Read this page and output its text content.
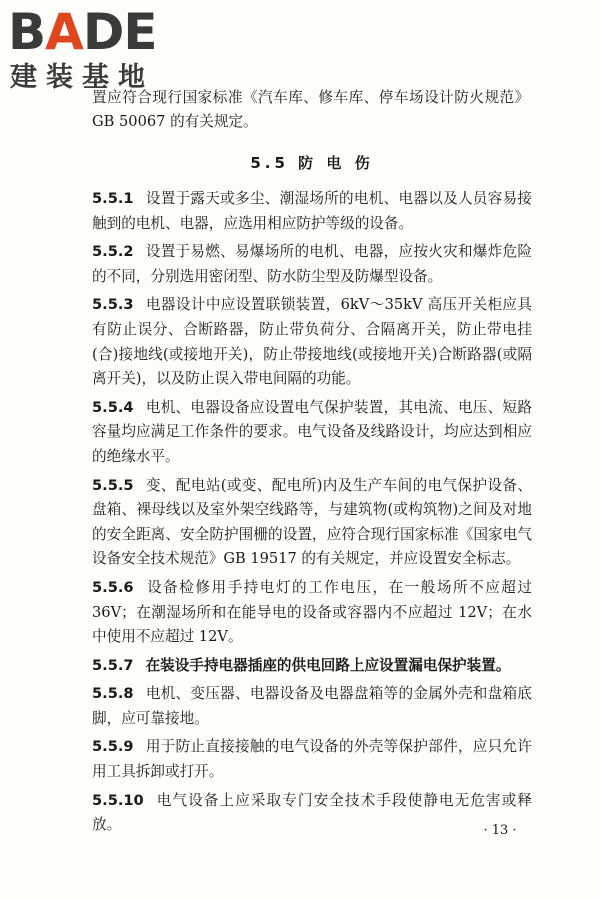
BADE
建装基地
置应符合现行国家标准《汽车库、修车库、停车场设计防火规范》
GB 50067 的有关规定。
5.5 防 电 伤
5.5.1 设置于露天或多尘、潮湿场所的电机、电器以及人员容易接触到的电机、电器，应选用相应防护等级的设备。
5.5.2 设置于易燃、易爆场所的电机、电器，应按火灾和爆炸危险的不同，分别选用密闭型、防水防尘型及防爆型设备。
5.5.3 电器设计中应设置联锁装置，6kV～35kV 高压开关柜应具有防止误分、合断路器，防止带负荷分、合隔离开关，防止带电挂(合)接地线(或接地开关)，防止带接地线(或接地开关)合断路器(或隔离开关)，以及防止误入带电间隔的功能。
5.5.4 电机、电器设备应设置电气保护装置，其电流、电压、短路容量均应满足工作条件的要求。电气设备及线路设计，均应达到相应的绝缘水平。
5.5.5 变、配电站(或变、配电所)内及生产车间的电气保护设备、盘箱、裸母线以及室外架空线路等，与建筑物(或构筑物)之间及对地的安全距离、安全防护围栅的设置，应符合现行国家标准《国家电气设备安全技术规范》GB 19517 的有关规定，并应设置安全标志。
5.5.6 设备检修用手持电灯的工作电压，在一般场所不应超过 36V；在潮湿场所和在能导电的设备或容器内不应超过 12V；在水中使用不应超过 12V。
5.5.7 在装设手持电器插座的供电回路上应设置漏电保护装置。
5.5.8 电机、变压器、电器设备及电器盘箱等的金属外壳和盘箱底脚，应可靠接地。
5.5.9 用于防止直接接触的电气设备的外壳等保护部件，应只允许用工具拆卸或打开。
5.5.10 电气设备上应采取专门安全技术手段使静电无危害或释放。	· 13 ·
